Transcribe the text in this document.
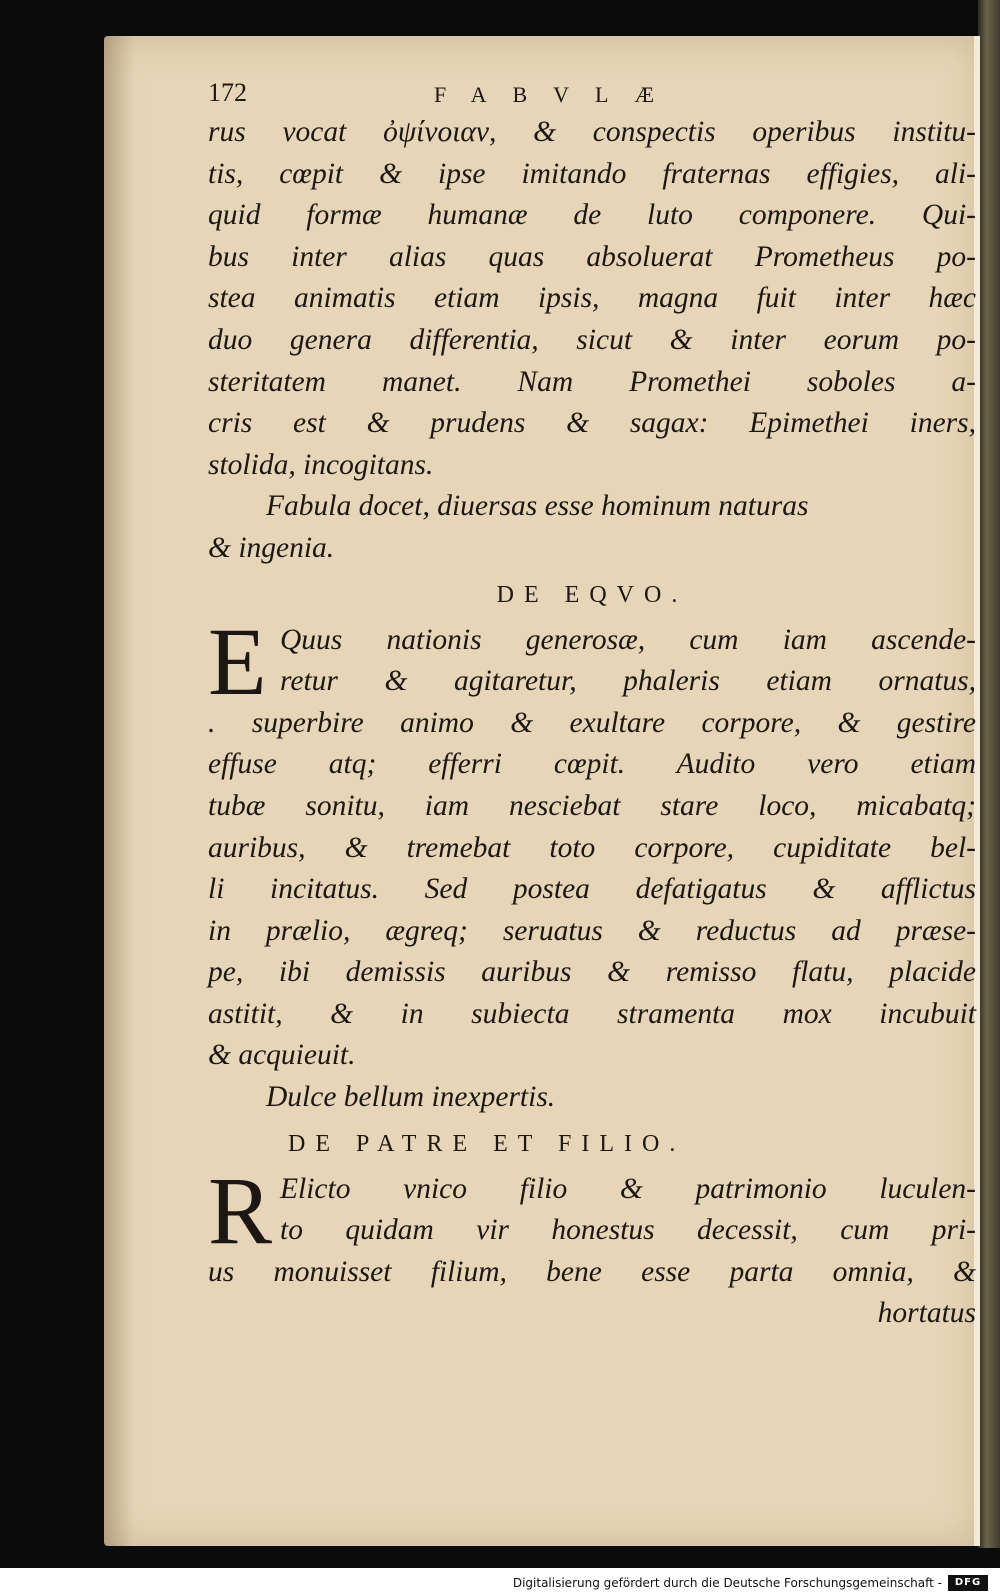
172	FABVLÆ
rus vocat ὀψίνοιαν, & conspectis operibus institu-
tis, cœpit & ipse imitando fraternas effigies, ali-
quid formæ humanæ de luto componere. Qui-
bus inter alias quas absoluerat Prometheus po-
stea animatis etiam ipsis, magna fuit inter hæc
duo genera differentia, sicut & inter eorum po-
steritatem manet. Nam Promethei soboles a-
cris est & prudens & sagax: Epimethei iners,
stolida, incogitans.
Fabula docet, diuersas esse hominum naturas
& ingenia.
DE EQVO.
E Quus nationis generosæ, cum iam ascende-
retur & agitaretur, phaleris etiam ornatus,
. superbire animo & exultare corpore, & gestire
effuse atq; efferri cœpit. Audito vero etiam
tubæ sonitu, iam nesciebat stare loco, micabatq;
auribus, & tremebat toto corpore, cupiditate bel-
li incitatus. Sed postea defatigatus & afflictus
in prælio, ægreq; seruatus & reductus ad præse-
pe, ibi demissis auribus & remisso flatu, placide
astitit, & in subiecta stramenta mox incubuit
& acquieuit.
Dulce bellum inexpertis.
DE PATRE ET FILIO.
R Elicto vnico filio & patrimonio luculen-
to quidam vir honestus decessit, cum pri-
us monuisset filium, bene esse parta omnia, &
hortatus
Digitalisierung gefördert durch die Deutsche Forschungsgemeinschaft -	DFG
